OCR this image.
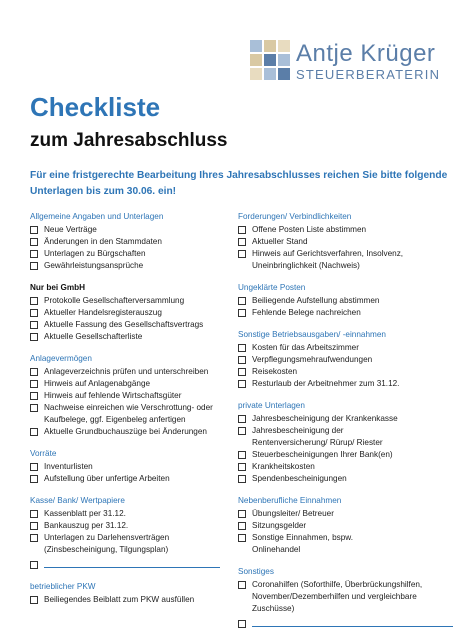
Antje Krüger
STEUERBERATERIN
Checkliste
zum Jahresabschluss
Für eine fristgerechte Bearbeitung Ihres Jahresabschlusses reichen Sie bitte folgende Unterlagen bis zum 30.06. ein!
Allgemeine Angaben und Unterlagen
Neue Verträge
Änderungen in den Stammdaten
Unterlagen zu Bürgschaften
Gewährleistungsansprüche
Nur bei GmbH
Protokolle Gesellschafterversammlung
Aktueller Handelsregisterauszug
Aktuelle Fassung des Gesellschaftsvertrags
Aktuelle Gesellschafterliste
Anlagevermögen
Anlageverzeichnis prüfen und unterschreiben
Hinweis auf Anlagenabgänge
Hinweis auf fehlende Wirtschaftsgüter
Nachweise einreichen wie Verschrottung- oder
Kaufbelege, ggf. Eigenbeleg anfertigen
Aktuelle Grundbuchauszüge bei Änderungen
Vorräte
Inventurlisten
Aufstellung über unfertige Arbeiten
Kasse/ Bank/ Wertpapiere
Kassenblatt per 31.12.
Bankauszug per 31.12.
Unterlagen zu Darlehensverträgen
(Zinsbescheinigung, Tilgungsplan)
betrieblicher PKW
Beiliegendes Beiblatt zum PKW ausfüllen
Forderungen/ Verbindlichkeiten
Offene Posten Liste abstimmen
Aktueller Stand
Hinweis auf Gerichtsverfahren, Insolvenz,
Uneinbringlichkeit (Nachweis)
Ungeklärte Posten
Beiliegende Aufstellung abstimmen
Fehlende Belege nachreichen
Sonstige Betriebsausgaben/ -einnahmen
Kosten für das Arbeitszimmer
Verpflegungsmehraufwendungen
Reisekosten
Resturlaub der Arbeitnehmer zum 31.12.
private Unterlagen
Jahresbescheinigung der Krankenkasse
Jahresbescheinigung der
Rentenversicherung/ Rürup/ Riester
Steuerbescheinigungen Ihrer Bank(en)
Krankheitskosten
Spendenbescheinigungen
Nebenberufliche Einnahmen
Übungsleiter/ Betreuer
Sitzungsgelder
Sonstige Einnahmen, bspw.
Onlinehandel
Sonstiges
Coronahilfen (Soforthilfe, Überbrückungshilfen,
November/Dezemberhilfen und vergleichbare
Zuschüsse)
